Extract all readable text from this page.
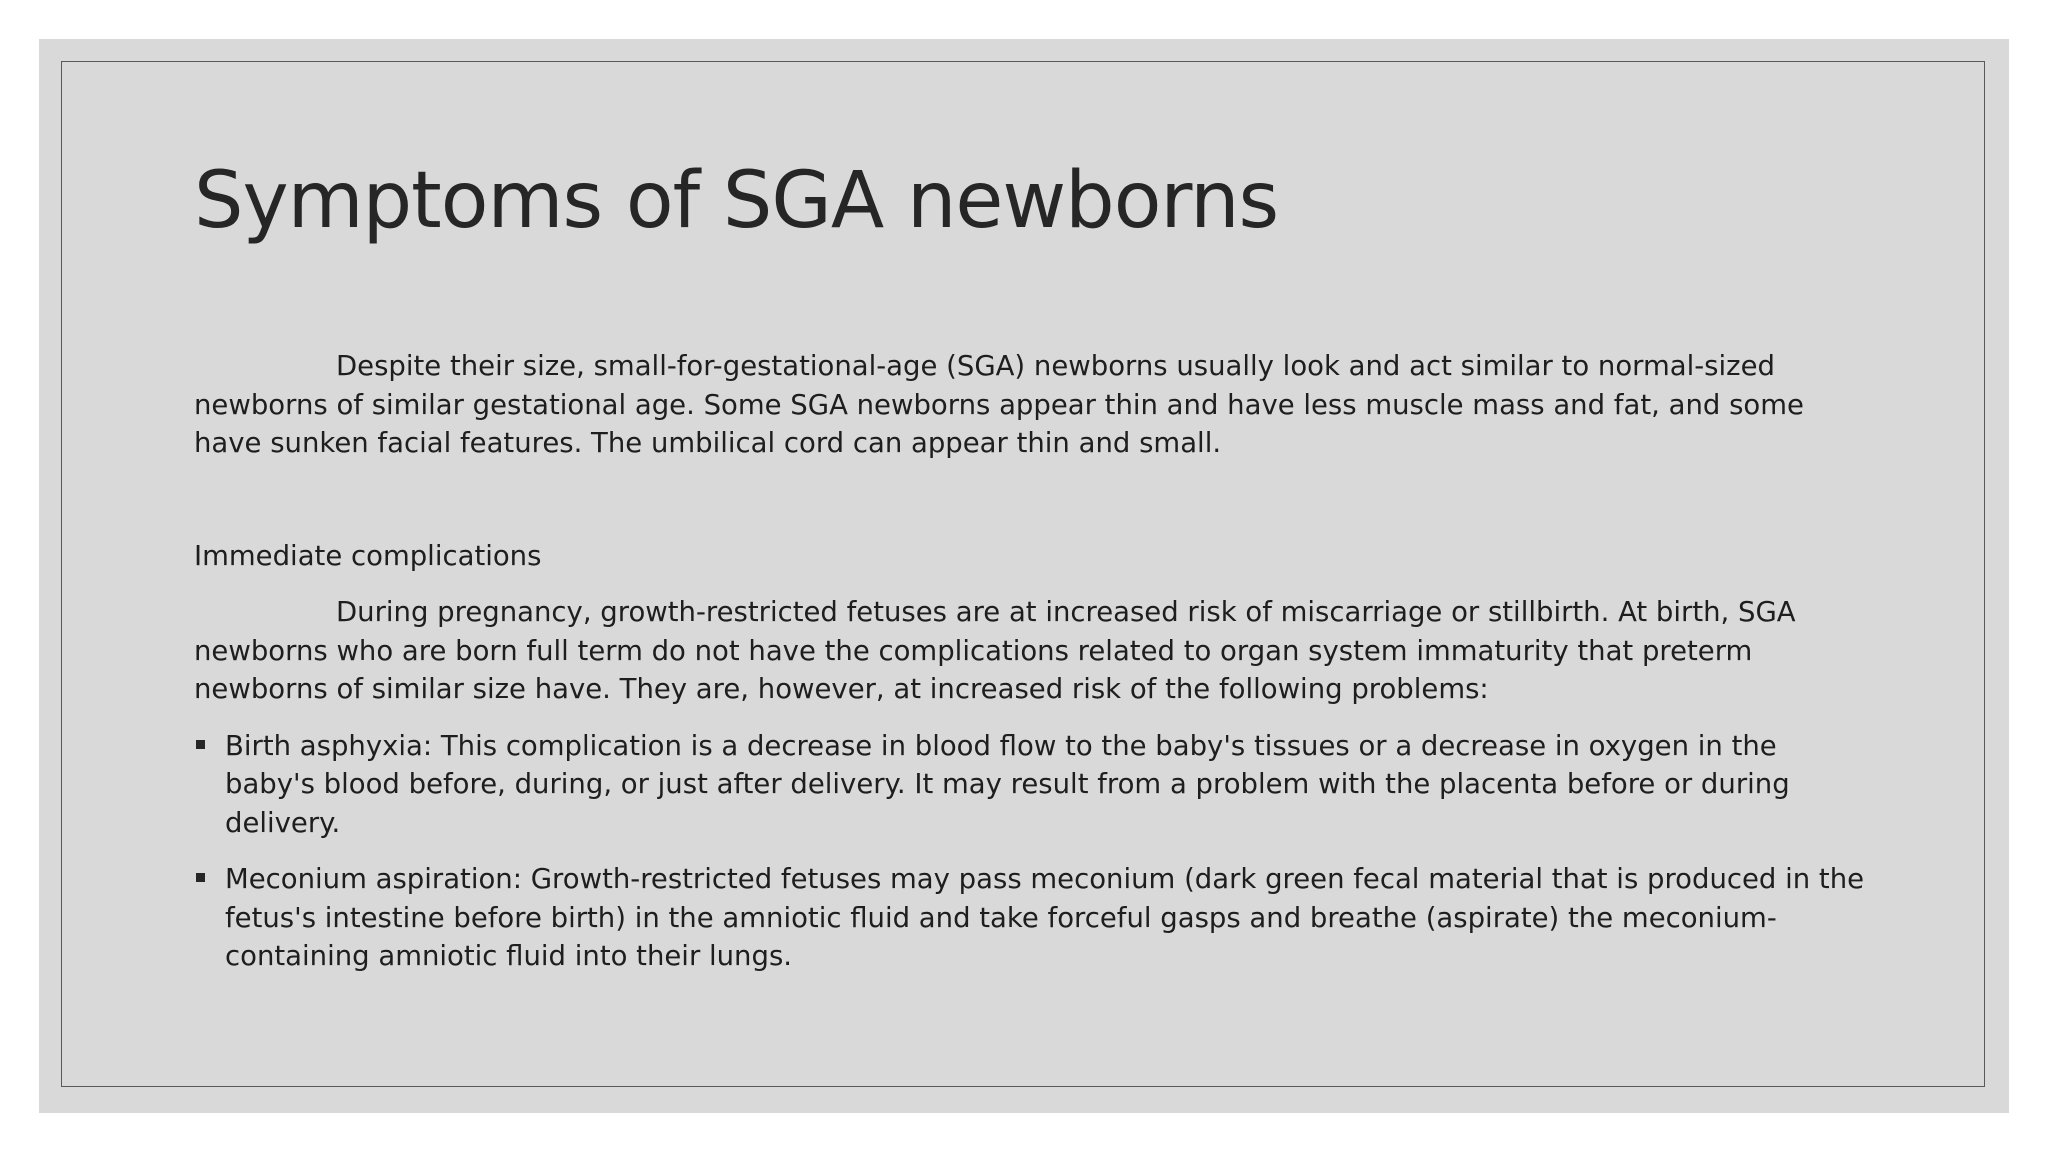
Symptoms of SGA newborns

Despite their size, small-for-gestational-age (SGA) newborns usually look and act similar to normal-sized newborns of similar gestational age. Some SGA newborns appear thin and have less muscle mass and fat, and some have sunken facial features. The umbilical cord can appear thin and small.

Immediate complications

During pregnancy, growth-restricted fetuses are at increased risk of miscarriage or stillbirth. At birth, SGA newborns who are born full term do not have the complications related to organ system immaturity that preterm newborns of similar size have. They are, however, at increased risk of the following problems:

Birth asphyxia: This complication is a decrease in blood flow to the baby's tissues or a decrease in oxygen in the baby's blood before, during, or just after delivery. It may result from a problem with the placenta before or during delivery.
Meconium aspiration: Growth-restricted fetuses may pass meconium (dark green fecal material that is produced in the fetus's intestine before birth) in the amniotic fluid and take forceful gasps and breathe (aspirate) the meconium-containing amniotic fluid into their lungs.
